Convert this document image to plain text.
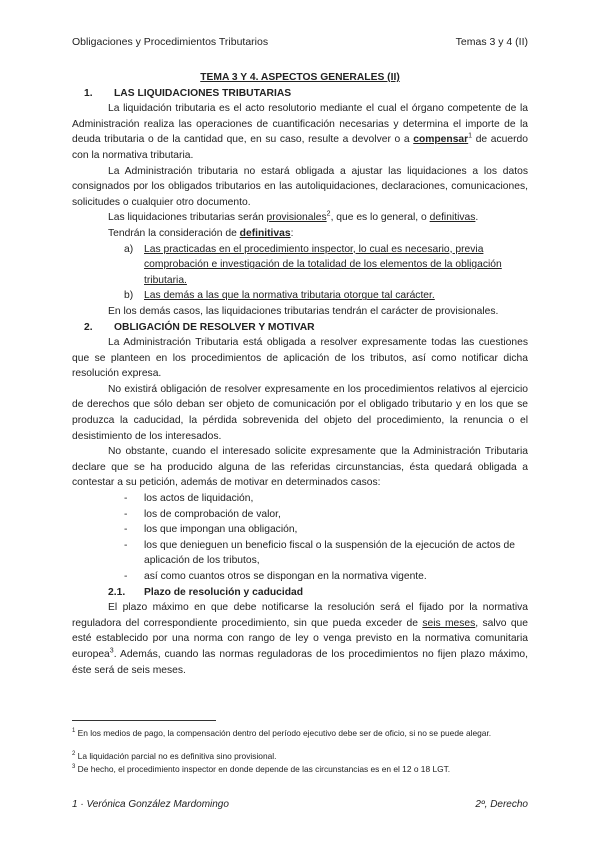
Obligaciones y Procedimientos Tributarios	Temas 3 y 4 (II)

TEMA 3 Y 4. ASPECTOS GENERALES (II)

1. LAS LIQUIDACIONES TRIBUTARIAS

La liquidación tributaria es el acto resolutorio mediante el cual el órgano competente de la Administración realiza las operaciones de cuantificación necesarias y determina el importe de la deuda tributaria o de la cantidad que, en su caso, resulte a devolver o a compensar$^1$ de acuerdo con la normativa tributaria.

La Administración tributaria no estará obligada a ajustar las liquidaciones a los datos consignados por los obligados tributarios en las autoliquidaciones, declaraciones, comunicaciones, solicitudes o cualquier otro documento.

Las liquidaciones tributarias serán provisionales$^2$, que es lo general, o definitivas.

Tendrán la consideración de definitivas:

a)	Las practicadas en el procedimiento inspector, lo cual es necesario, previa comprobación e investigación de la totalidad de los elementos de la obligación tributaria.
b)	Las demás a las que la normativa tributaria otorgue tal carácter.

En los demás casos, las liquidaciones tributarias tendrán el carácter de provisionales.

2. OBLIGACIÓN DE RESOLVER Y MOTIVAR

La Administración Tributaria está obligada a resolver expresamente todas las cuestiones que se planteen en los procedimientos de aplicación de los tributos, así como notificar dicha resolución expresa.

No existirá obligación de resolver expresamente en los procedimientos relativos al ejercicio de derechos que sólo deban ser objeto de comunicación por el obligado tributario y en los que se produzca la caducidad, la pérdida sobrevenida del objeto del procedimiento, la renuncia o el desistimiento de los interesados.

No obstante, cuando el interesado solicite expresamente que la Administración Tributaria declare que se ha producido alguna de las referidas circunstancias, ésta quedará obligada a contestar a su petición, además de motivar en determinados casos:

-	los actos de liquidación,
-	los de comprobación de valor,
-	los que impongan una obligación,
-	los que denieguen un beneficio fiscal o la suspensión de la ejecución de actos de aplicación de los tributos,
-	así como cuantos otros se dispongan en la normativa vigente.

2.1. Plazo de resolución y caducidad

El plazo máximo en que debe notificarse la resolución será el fijado por la normativa reguladora del correspondiente procedimiento, sin que pueda exceder de seis meses, salvo que esté establecido por una norma con rango de ley o venga previsto en la normativa comunitaria europea$^3$. Además, cuando las normas reguladoras de los procedimientos no fijen plazo máximo, éste será de seis meses.

$^1$ En los medios de pago, la compensación dentro del período ejecutivo debe ser de oficio, si no se puede alegar.
$^2$ La liquidación parcial no es definitiva sino provisional.
$^3$ De hecho, el procedimiento inspector en donde depende de las circunstancias es en el 12 o 18 LGT.
1 · Verónica González Mardomingo	2º, Derecho
